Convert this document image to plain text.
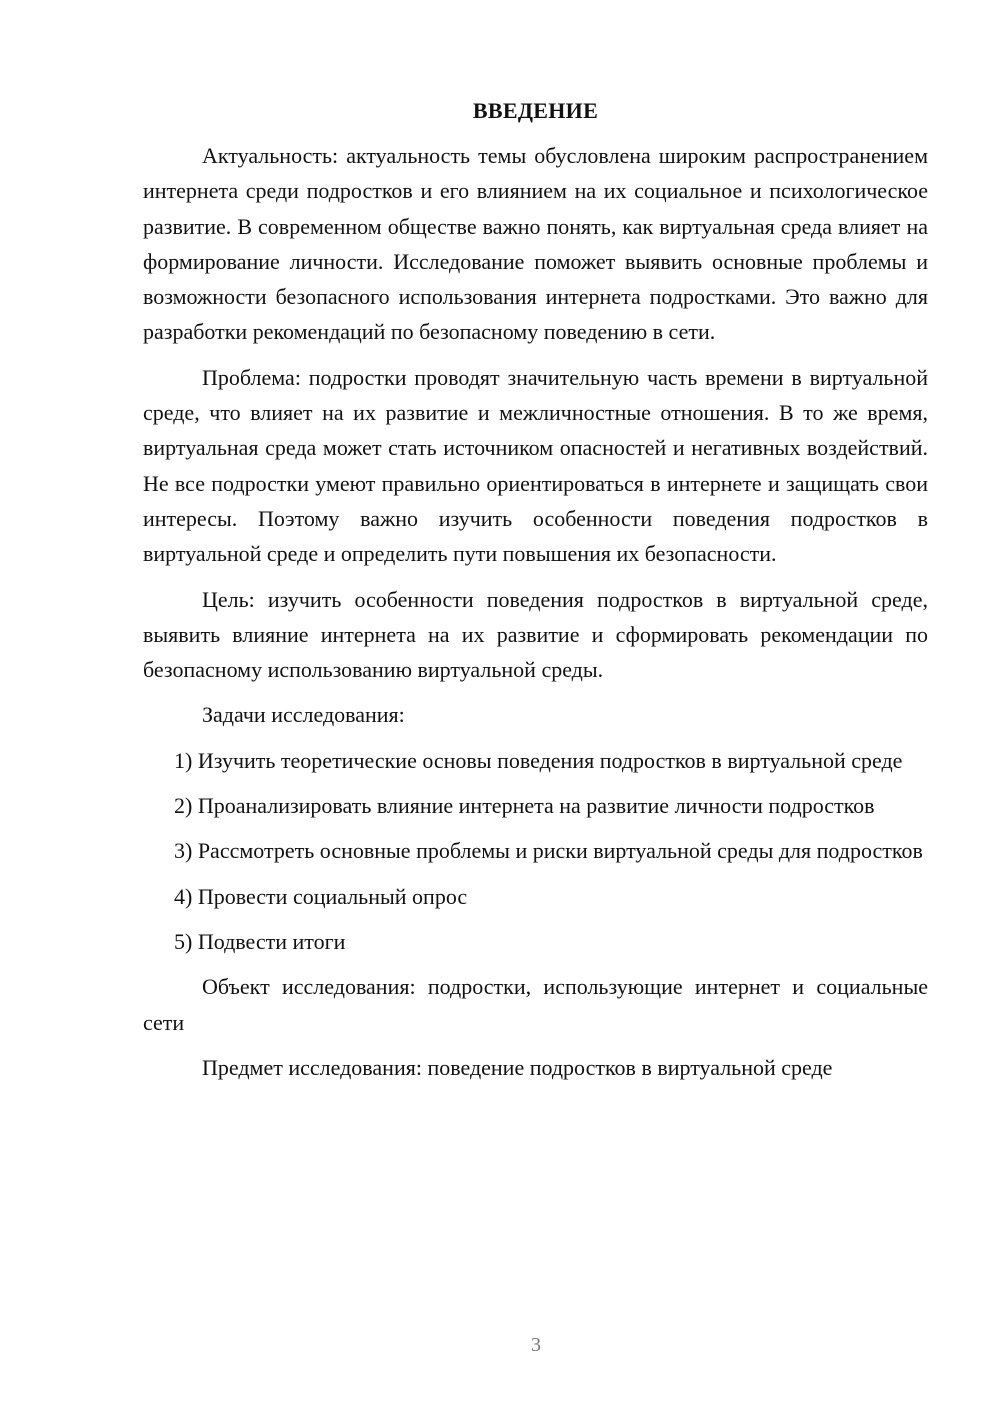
ВВЕДЕНИЕ

Актуальность: актуальность темы обусловлена широким распространением интернета среди подростков и его влиянием на их социальное и психологическое развитие. В современном обществе важно понять, как виртуальная среда влияет на формирование личности. Исследование поможет выявить основные проблемы и возможности безопасного использования интернета подростками. Это важно для разработки рекомендаций по безопасному поведению в сети.

Проблема: подростки проводят значительную часть времени в виртуальной среде, что влияет на их развитие и межличностные отношения. В то же время, виртуальная среда может стать источником опасностей и негативных воздействий. Не все подростки умеют правильно ориентироваться в интернете и защищать свои интересы. Поэтому важно изучить особенности поведения подростков в виртуальной среде и определить пути повышения их безопасности.

Цель: изучить особенности поведения подростков в виртуальной среде, выявить влияние интернета на их развитие и сформировать рекомендации по безопасному использованию виртуальной среды.

Задачи исследования:

1) Изучить теоретические основы поведения подростков в виртуальной среде

2) Проанализировать влияние интернета на развитие личности подростков

3) Рассмотреть основные проблемы и риски виртуальной среды для подростков

4) Провести социальный опрос

5) Подвести итоги

Объект исследования: подростки, использующие интернет и социальные сети

Предмет исследования: поведение подростков в виртуальной среде

3
